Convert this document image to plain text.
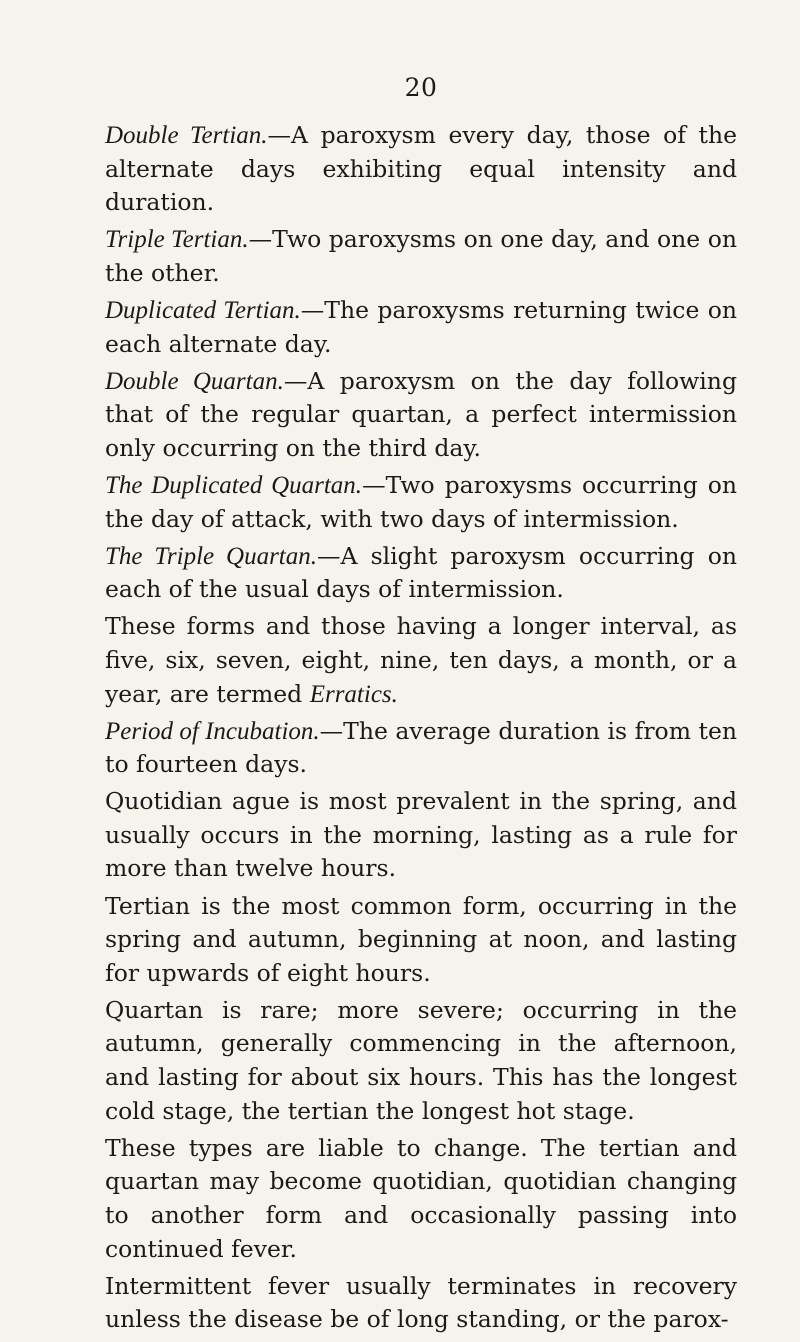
20

Double Tertian.—A paroxysm every day, those of the alternate days exhibiting equal intensity and duration.

Triple Tertian.—Two paroxysms on one day, and one on the other.

Duplicated Tertian.—The paroxysms returning twice on each alternate day.

Double Quartan.—A paroxysm on the day following that of the regular quartan, a perfect intermission only occurring on the third day.

The Duplicated Quartan.—Two paroxysms occurring on the day of attack, with two days of intermission.

The Triple Quartan.—A slight paroxysm occurring on each of the usual days of intermission.

These forms and those having a longer interval, as five, six, seven, eight, nine, ten days, a month, or a year, are termed Erratics.

Period of Incubation.—The average duration is from ten to fourteen days.

Quotidian ague is most prevalent in the spring, and usually occurs in the morning, lasting as a rule for more than twelve hours.

Tertian is the most common form, occurring in the spring and autumn, beginning at noon, and lasting for upwards of eight hours.

Quartan is rare; more severe; occurring in the autumn, generally commencing in the afternoon, and lasting for about six hours. This has the longest cold stage, the tertian the longest hot stage.

These types are liable to change. The tertian and quartan may become quotidian, quotidian changing to another form and occasionally passing into continued fever.

Intermittent fever usually terminates in recovery unless the disease be of long standing, or the parox-
